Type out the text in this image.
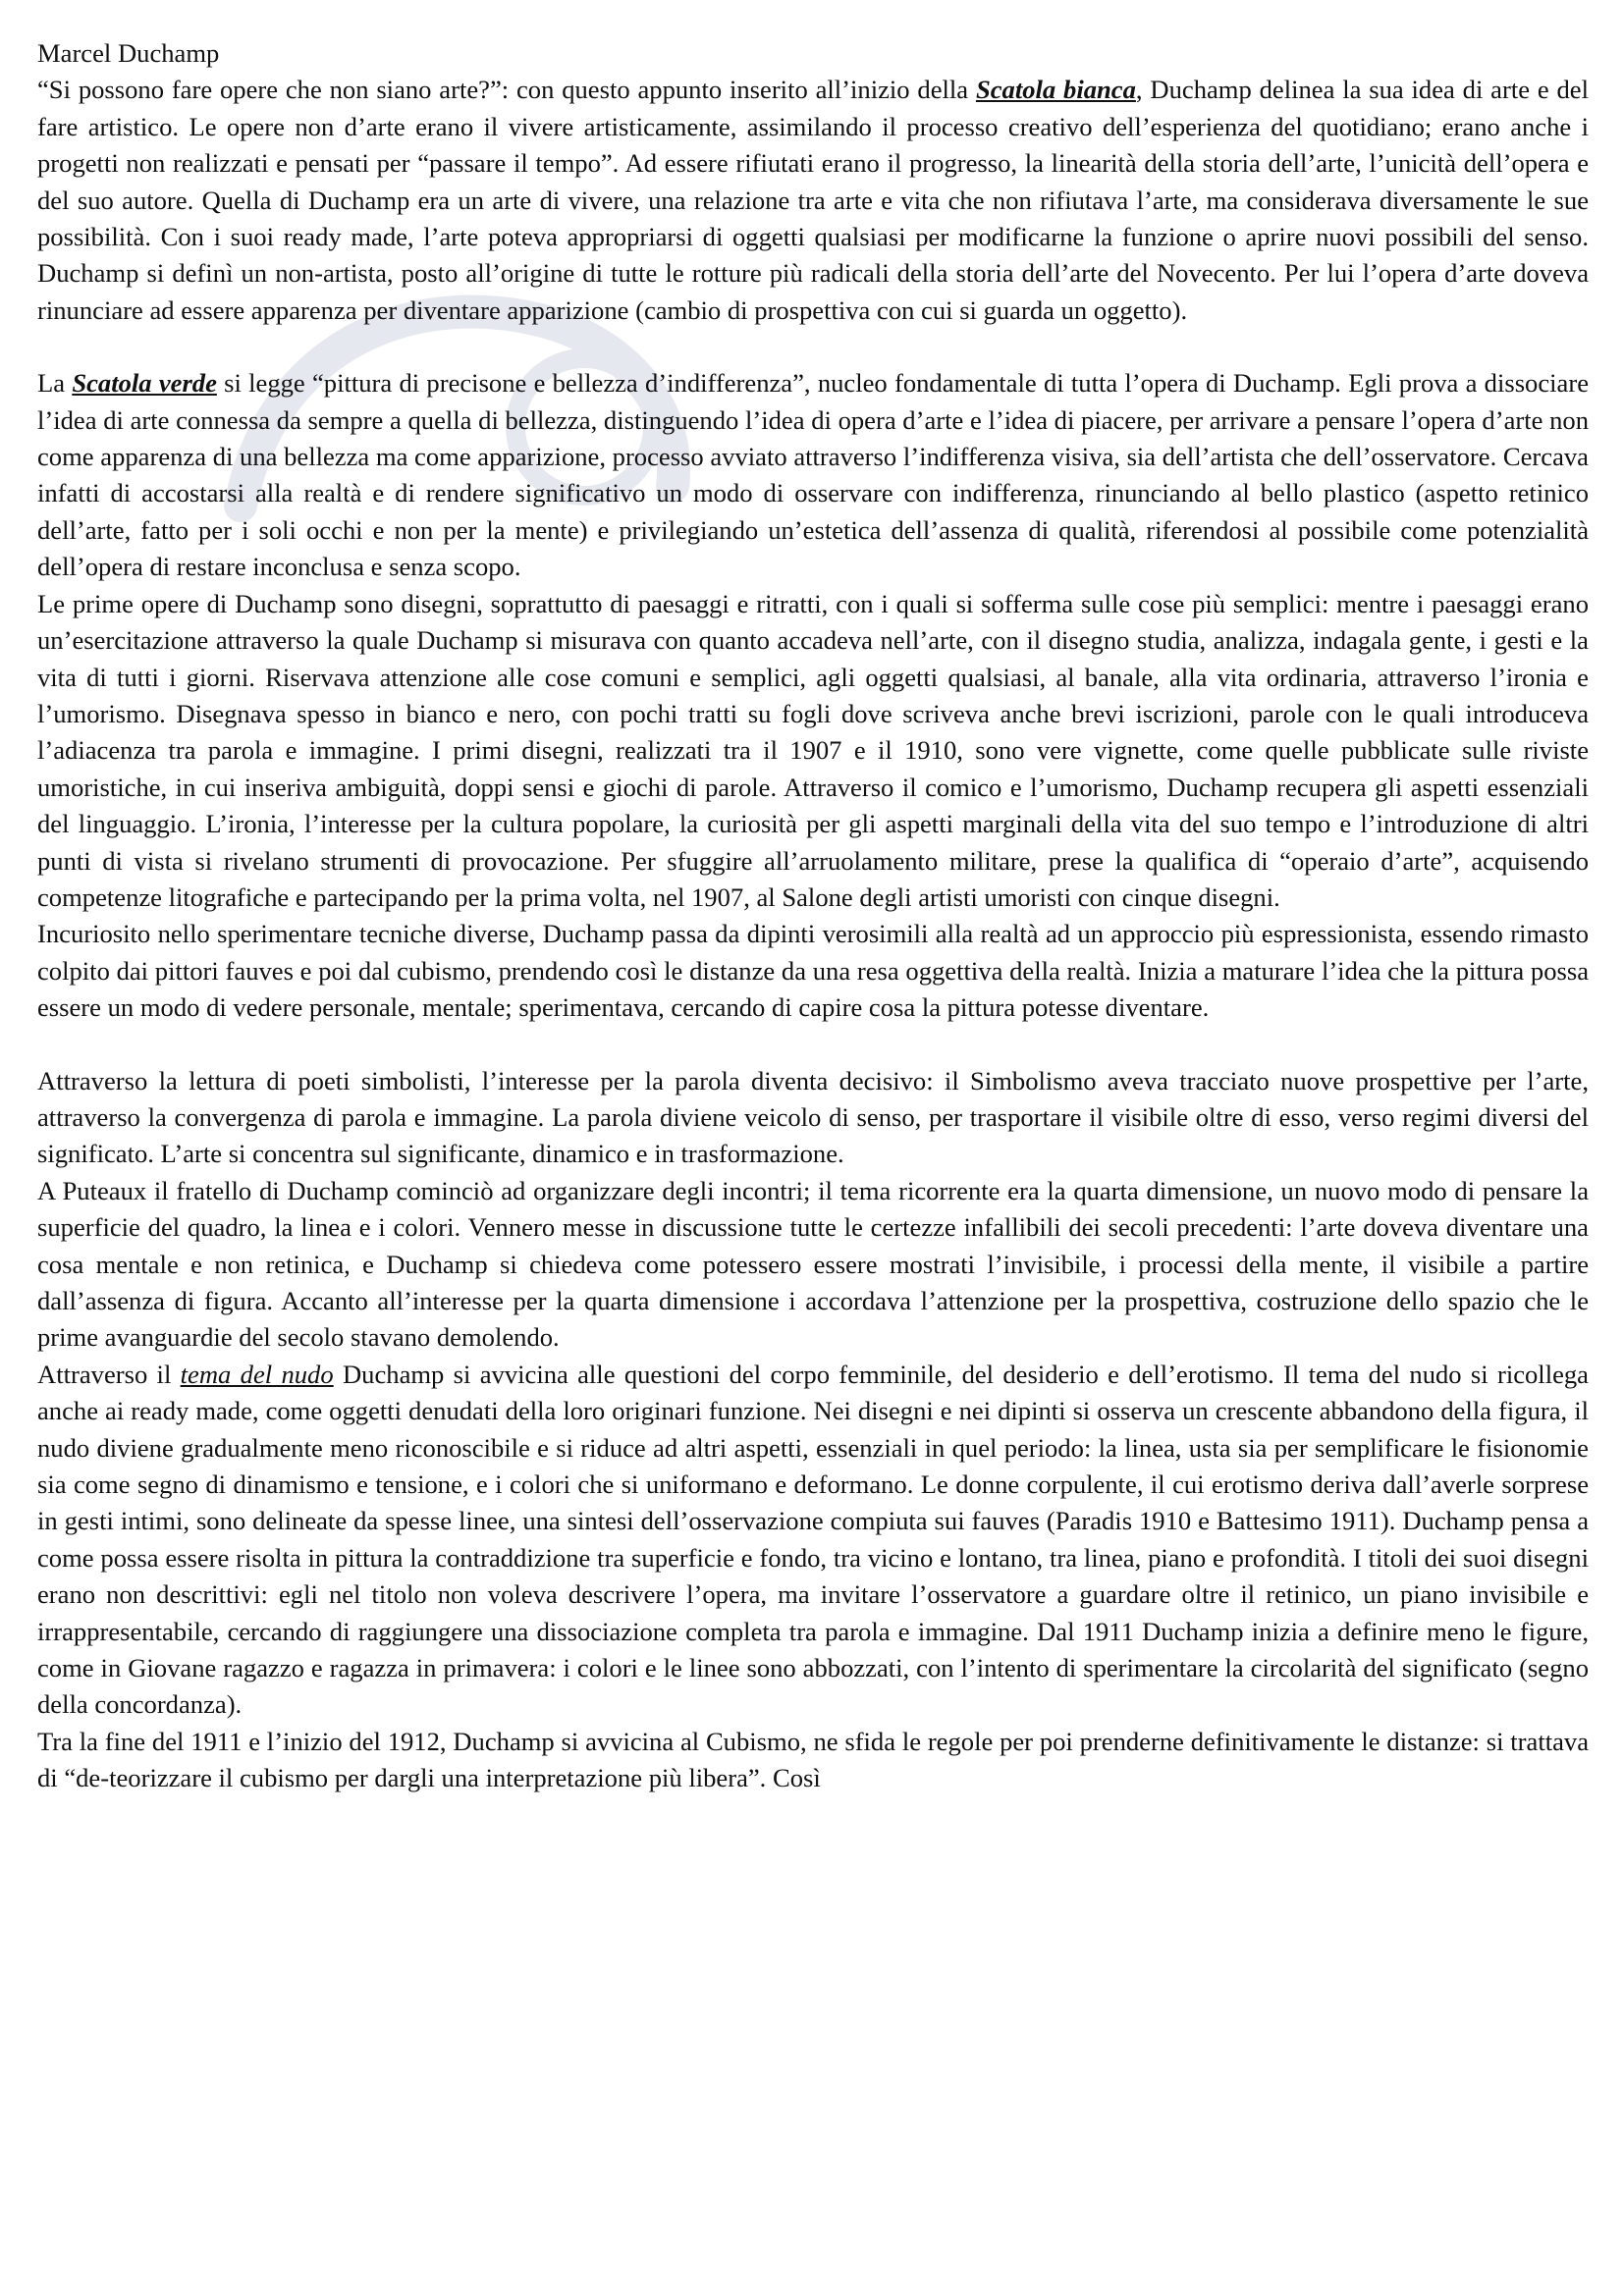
Marcel Duchamp

“Si possono fare opere che non siano arte?”: con questo appunto inserito all’inizio della Scatola bianca, Duchamp delinea la sua idea di arte e del fare artistico. Le opere non d’arte erano il vivere artisticamente, assimilando il processo creativo dell’esperienza del quotidiano; erano anche i progetti non realizzati e pensati per “passare il tempo”. Ad essere rifiutati erano il progresso, la linearità della storia dell’arte, l’unicità dell’opera e del suo autore. Quella di Duchamp era un arte di vivere, una relazione tra arte e vita che non rifiutava l’arte, ma considerava diversamente le sue possibilità. Con i suoi ready made, l’arte poteva appropriarsi di oggetti qualsiasi per modificarne la funzione o aprire nuovi possibili del senso. Duchamp si definì un non-artista, posto all’origine di tutte le rotture più radicali della storia dell’arte del Novecento. Per lui l’opera d’arte doveva rinunciare ad essere apparenza per diventare apparizione (cambio di prospettiva con cui si guarda un oggetto).

La Scatola verde si legge “pittura di precisone e bellezza d’indifferenza”, nucleo fondamentale di tutta l’opera di Duchamp. Egli prova a dissociare l’idea di arte connessa da sempre a quella di bellezza, distinguendo l’idea di opera d’arte e l’idea di piacere, per arrivare a pensare l’opera d’arte non come apparenza di una bellezza ma come apparizione, processo avviato attraverso l’indifferenza visiva, sia dell’artista che dell’osservatore. Cercava infatti di accostarsi alla realtà e di rendere significativo un modo di osservare con indifferenza, rinunciando al bello plastico (aspetto retinico dell’arte, fatto per i soli occhi e non per la mente) e privilegiando un’estetica dell’assenza di qualità, riferendosi al possibile come potenzialità dell’opera di restare inconclusa e senza scopo.

Le prime opere di Duchamp sono disegni, soprattutto di paesaggi e ritratti, con i quali si sofferma sulle cose più semplici: mentre i paesaggi erano un’esercitazione attraverso la quale Duchamp si misurava con quanto accadeva nell’arte, con il disegno studia, analizza, indagala gente, i gesti e la vita di tutti i giorni. Riservava attenzione alle cose comuni e semplici, agli oggetti qualsiasi, al banale, alla vita ordinaria, attraverso l’ironia e l’umorismo. Disegnava spesso in bianco e nero, con pochi tratti su fogli dove scriveva anche brevi iscrizioni, parole con le quali introduceva l’adiacenza tra parola e immagine. I primi disegni, realizzati tra il 1907 e il 1910, sono vere vignette, come quelle pubblicate sulle riviste umoristiche, in cui inseriva ambiguità, doppi sensi e giochi di parole. Attraverso il comico e l’umorismo, Duchamp recupera gli aspetti essenziali del linguaggio. L’ironia, l’interesse per la cultura popolare, la curiosità per gli aspetti marginali della vita del suo tempo e l’introduzione di altri punti di vista si rivelano strumenti di provocazione. Per sfuggire all’arruolamento militare, prese la qualifica di “operaio d’arte”, acquisendo competenze litografiche e partecipando per la prima volta, nel 1907, al Salone degli artisti umoristi con cinque disegni.

Incuriosito nello sperimentare tecniche diverse, Duchamp passa da dipinti verosimili alla realtà ad un approccio più espressionista, essendo rimasto colpito dai pittori fauves e poi dal cubismo, prendendo così le distanze da una resa oggettiva della realtà. Inizia a maturare l’idea che la pittura possa essere un modo di vedere personale, mentale; sperimentava, cercando di capire cosa la pittura potesse diventare.

Attraverso la lettura di poeti simbolisti, l’interesse per la parola diventa decisivo: il Simbolismo aveva tracciato nuove prospettive per l’arte, attraverso la convergenza di parola e immagine. La parola diviene veicolo di senso, per trasportare il visibile oltre di esso, verso regimi diversi del significato. L’arte si concentra sul significante, dinamico e in trasformazione.

A Puteaux il fratello di Duchamp cominciò ad organizzare degli incontri; il tema ricorrente era la quarta dimensione, un nuovo modo di pensare la superficie del quadro, la linea e i colori. Vennero messe in discussione tutte le certezze infallibili dei secoli precedenti: l’arte doveva diventare una cosa mentale e non retinica, e Duchamp si chiedeva come potessero essere mostrati l’invisibile, i processi della mente, il visibile a partire dall’assenza di figura. Accanto all’interesse per la quarta dimensione i accordava l’attenzione per la prospettiva, costruzione dello spazio che le prime avanguardie del secolo stavano demolendo.

Attraverso il tema del nudo Duchamp si avvicina alle questioni del corpo femminile, del desiderio e dell’erotismo. Il tema del nudo si ricollega anche ai ready made, come oggetti denudati della loro originari funzione. Nei disegni e nei dipinti si osserva un crescente abbandono della figura, il nudo diviene gradualmente meno riconoscibile e si riduce ad altri aspetti, essenziali in quel periodo: la linea, usta sia per semplificare le fisionomie sia come segno di dinamismo e tensione, e i colori che si uniformano e deformano. Le donne corpulente, il cui erotismo deriva dall’averle sorprese in gesti intimi, sono delineate da spesse linee, una sintesi dell’osservazione compiuta sui fauves (Paradis 1910 e Battesimo 1911). Duchamp pensa a come possa essere risolta in pittura la contraddizione tra superficie e fondo, tra vicino e lontano, tra linea, piano e profondità. I titoli dei suoi disegni erano non descrittivi: egli nel titolo non voleva descrivere l’opera, ma invitare l’osservatore a guardare oltre il retinico, un piano invisibile e irrappresentabile, cercando di raggiungere una dissociazione completa tra parola e immagine. Dal 1911 Duchamp inizia a definire meno le figure, come in Giovane ragazzo e ragazza in primavera: i colori e le linee sono abbozzati, con l’intento di sperimentare la circolarità del significato (segno della concordanza).

Tra la fine del 1911 e l’inizio del 1912, Duchamp si avvicina al Cubismo, ne sfida le regole per poi prenderne definitivamente le distanze: si trattava di “de-teorizzare il cubismo per dargli una interpretazione più libera”. Così
